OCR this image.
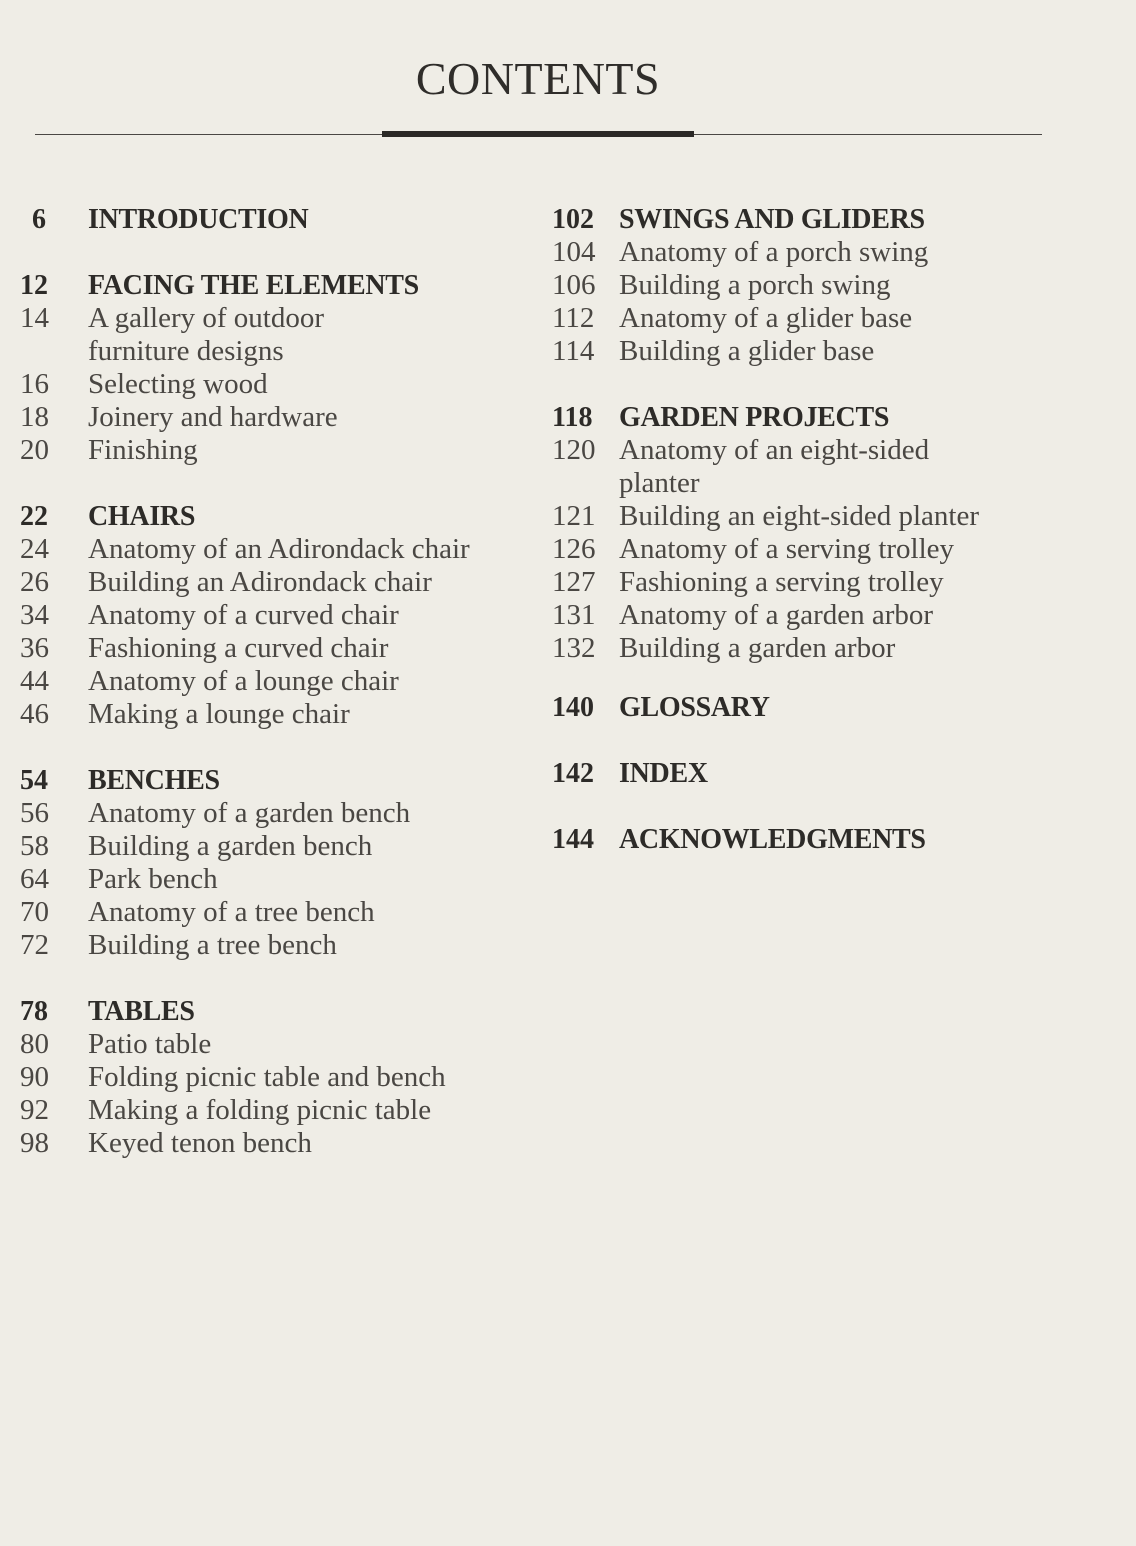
CONTENTS
6	INTRODUCTION
12	FACING THE ELEMENTS
14	A gallery of outdoor
furniture designs
16	Selecting wood
18	Joinery and hardware
20	Finishing
22	CHAIRS
24	Anatomy of an Adirondack chair
26	Building an Adirondack chair
34	Anatomy of a curved chair
36	Fashioning a curved chair
44	Anatomy of a lounge chair
46	Making a lounge chair
54	BENCHES
56	Anatomy of a garden bench
58	Building a garden bench
64	Park bench
70	Anatomy of a tree bench
72	Building a tree bench
78	TABLES
80	Patio table
90	Folding picnic table and bench
92	Making a folding picnic table
98	Keyed tenon bench
102 SWINGS AND GLIDERS
104 Anatomy of a porch swing
106 Building a porch swing
112 Anatomy of a glider base
114 Building a glider base
118 GARDEN PROJECTS
120 Anatomy of an eight-sided
planter
121 Building an eight-sided planter
126 Anatomy of a serving trolley
127 Fashioning a serving trolley
131 Anatomy of a garden arbor
132 Building a garden arbor
140 GLOSSARY
142 INDEX
144 ACKNOWLEDGMENTS
